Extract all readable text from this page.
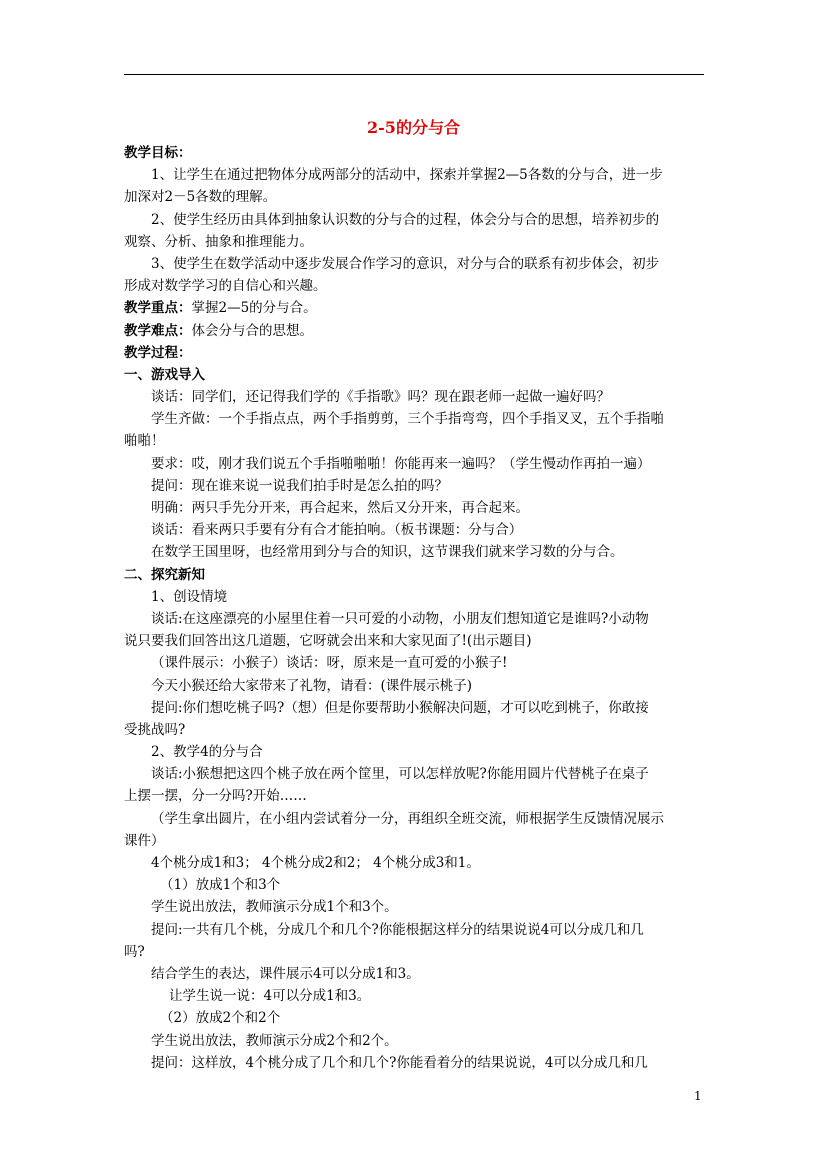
2-5的分与合
教学目标：
1、让学生在通过把物体分成两部分的活动中，探索并掌握2—5各数的分与合，进一步
加深对2－5各数的理解。
2、使学生经历由具体到抽象认识数的分与合的过程，体会分与合的思想，培养初步的
观察、分析、抽象和推理能力。
3、使学生在数学活动中逐步发展合作学习的意识，对分与合的联系有初步体会，初步
形成对数学学习的自信心和兴趣。
教学重点：掌握2—5的分与合。
教学难点：体会分与合的思想。
教学过程：
一、游戏导入
谈话：同学们，还记得我们学的《手指歌》吗？现在跟老师一起做一遍好吗？
学生齐做：一个手指点点，两个手指剪剪，三个手指弯弯，四个手指叉叉，五个手指啪
啪啪！
要求：哎，刚才我们说五个手指啪啪啪！你能再来一遍吗？（学生慢动作再拍一遍）
提问：现在谁来说一说我们拍手时是怎么拍的吗？
明确：两只手先分开来，再合起来，然后又分开来，再合起来。
谈话：看来两只手要有分有合才能拍响。（板书课题：分与合）
在数学王国里呀，也经常用到分与合的知识，这节课我们就来学习数的分与合。
二、探究新知
1、创设情境
谈话:在这座漂亮的小屋里住着一只可爱的小动物，小朋友们想知道它是谁吗?小动物
说只要我们回答出这几道题，它呀就会出来和大家见面了!(出示题目)
（课件展示：小猴子）谈话：呀，原来是一直可爱的小猴子!
今天小猴还给大家带来了礼物，请看：(课件展示桃子)
提问:你们想吃桃子吗?（想）但是你要帮助小猴解决问题，才可以吃到桃子，你敢接
受挑战吗?
2、教学4的分与合
谈话:小猴想把这四个桃子放在两个筐里，可以怎样放呢?你能用圆片代替桃子在桌子
上摆一摆，分一分吗?开始……
（学生拿出圆片，在小组内尝试着分一分，再组织全班交流，师根据学生反馈情况展示
课件）
4个桃分成1和3； 4个桃分成2和2； 4个桃分成3和1。
（1）放成1个和3个
学生说出放法，教师演示分成1个和3个。
提问:一共有几个桃，分成几个和几个?你能根据这样分的结果说说4可以分成几和几
吗?
结合学生的表达，课件展示4可以分成1和3。
让学生说一说：4可以分成1和3。
（2）放成2个和2个
学生说出放法，教师演示分成2个和2个。
提问：这样放，4个桃分成了几个和几个?你能看着分的结果说说，4可以分成几和几
1
